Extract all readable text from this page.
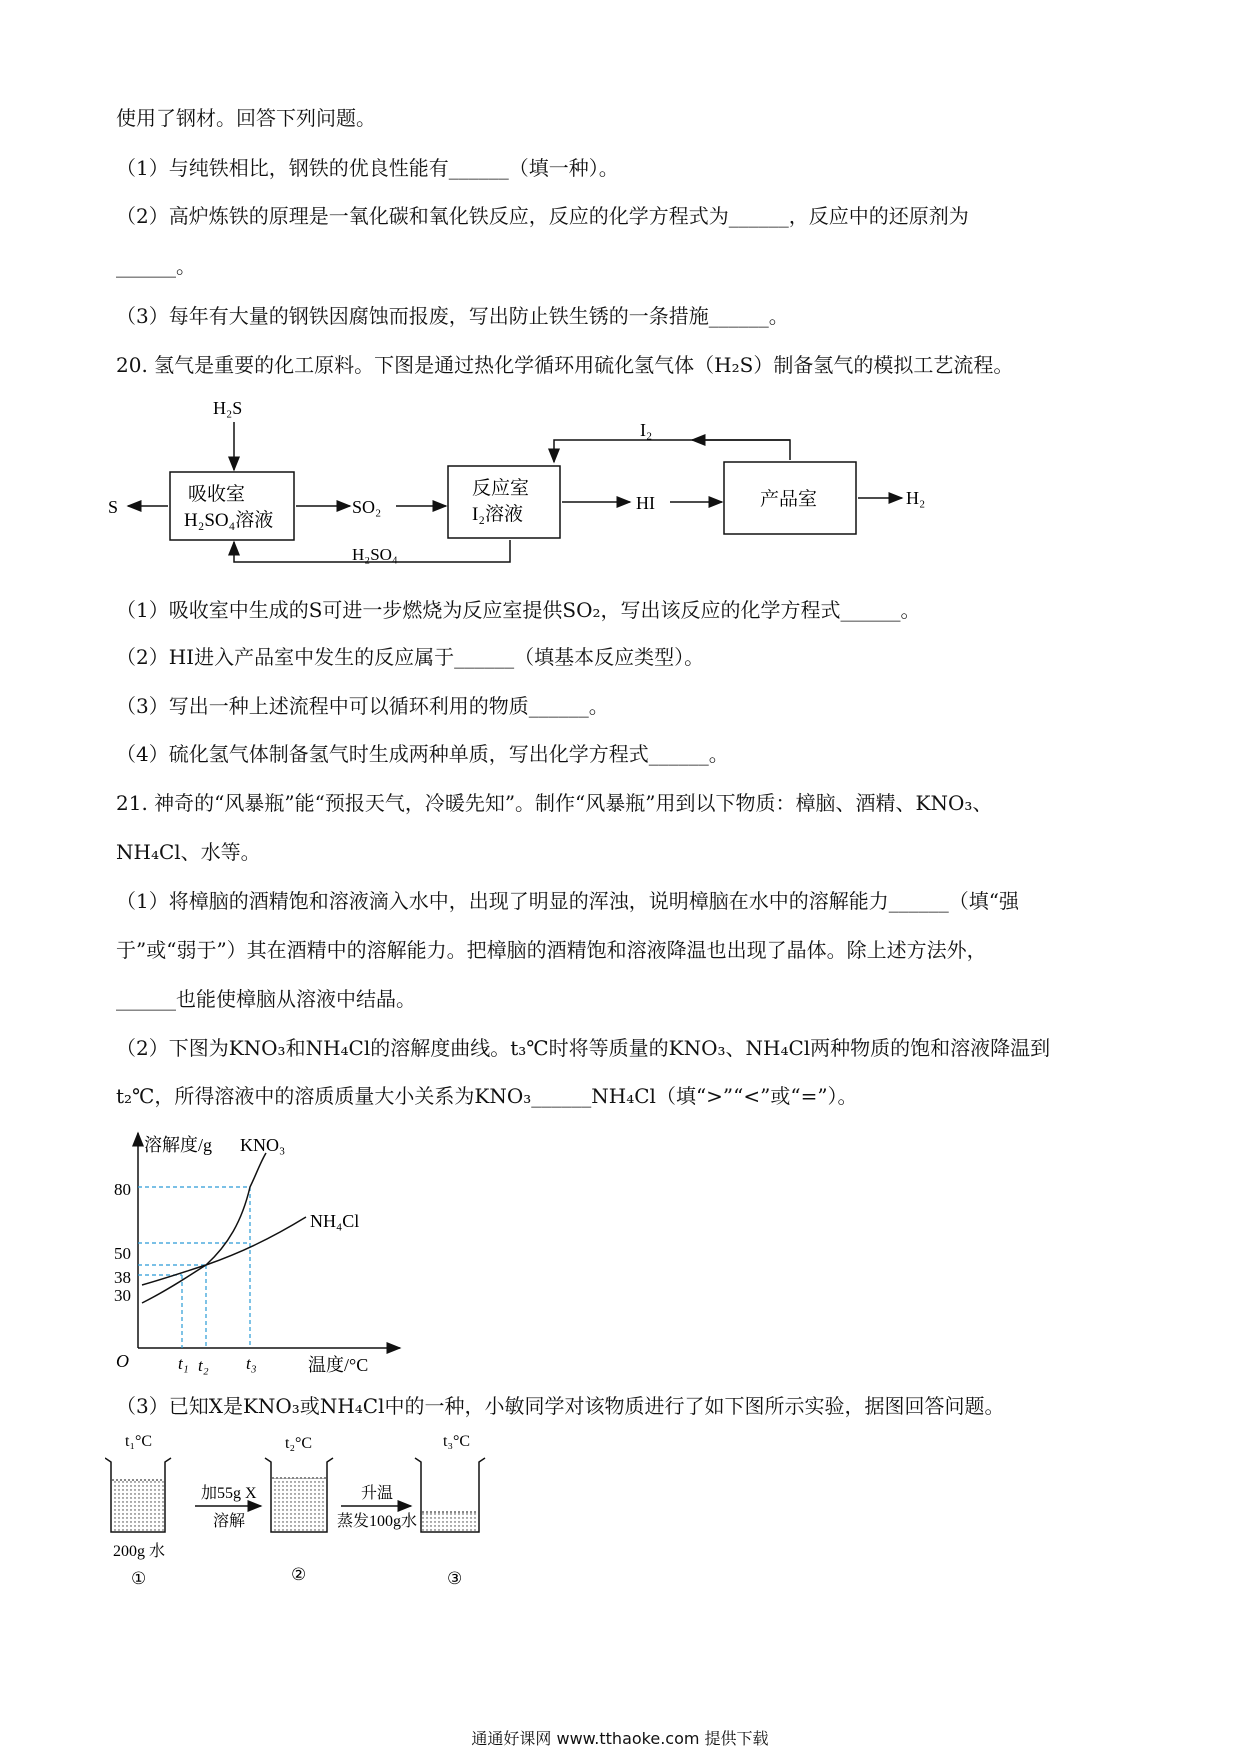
使用了钢材。回答下列问题。
（1）与纯铁相比，钢铁的优良性能有______（填一种）。
（2）高炉炼铁的原理是一氧化碳和氧化铁反应，反应的化学方程式为______，反应中的还原剂为
______。
（3）每年有大量的钢铁因腐蚀而报废，写出防止铁生锈的一条措施______。
20. 氢气是重要的化工原料。下图是通过热化学循环用硫化氢气体（H₂S）制备氢气的模拟工艺流程。
H₂S
吸收室
H₂SO₄溶液
S	SO₂
反应室
I₂溶液
HI	产品室	H₂
I₂
H₂SO₄
（1）吸收室中生成的S可进一步燃烧为反应室提供SO₂，写出该反应的化学方程式______。
（2）HI进入产品室中发生的反应属于______（填基本反应类型）。
（3）写出一种上述流程中可以循环利用的物质______。
（4）硫化氢气体制备氢气时生成两种单质，写出化学方程式______。
21. 神奇的“风暴瓶”能“预报天气，冷暖先知”。制作“风暴瓶”用到以下物质：樟脑、酒精、KNO₃、
NH₄Cl、水等。
（1）将樟脑的酒精饱和溶液滴入水中，出现了明显的浑浊，说明樟脑在水中的溶解能力______（填“强
于”或“弱于”）其在酒精中的溶解能力。把樟脑的酒精饱和溶液降温也出现了晶体。除上述方法外，
______也能使樟脑从溶液中结晶。
（2）下图为KNO₃和NH₄Cl的溶解度曲线。t₃℃时将等质量的KNO₃、NH₄Cl两种物质的饱和溶液降温到
t₂℃，所得溶液中的溶质质量大小关系为KNO₃______NH₄Cl（填“>”“<”或“=”）。
溶解度/g KNO₃
NH₄Cl
温度/°C
O
80
50
38
30
t₁ t₂ t₃
（3）已知X是KNO₃或NH₄Cl中的一种，小敏同学对该物质进行了如下图所示实验，据图回答问题。
t₁°C
200g 水
①
加55g X
溶解
t₂°C
②
升温
蒸发100g水
t₃°C
③
通通好课网 www.tthaoke.com 提供下载
